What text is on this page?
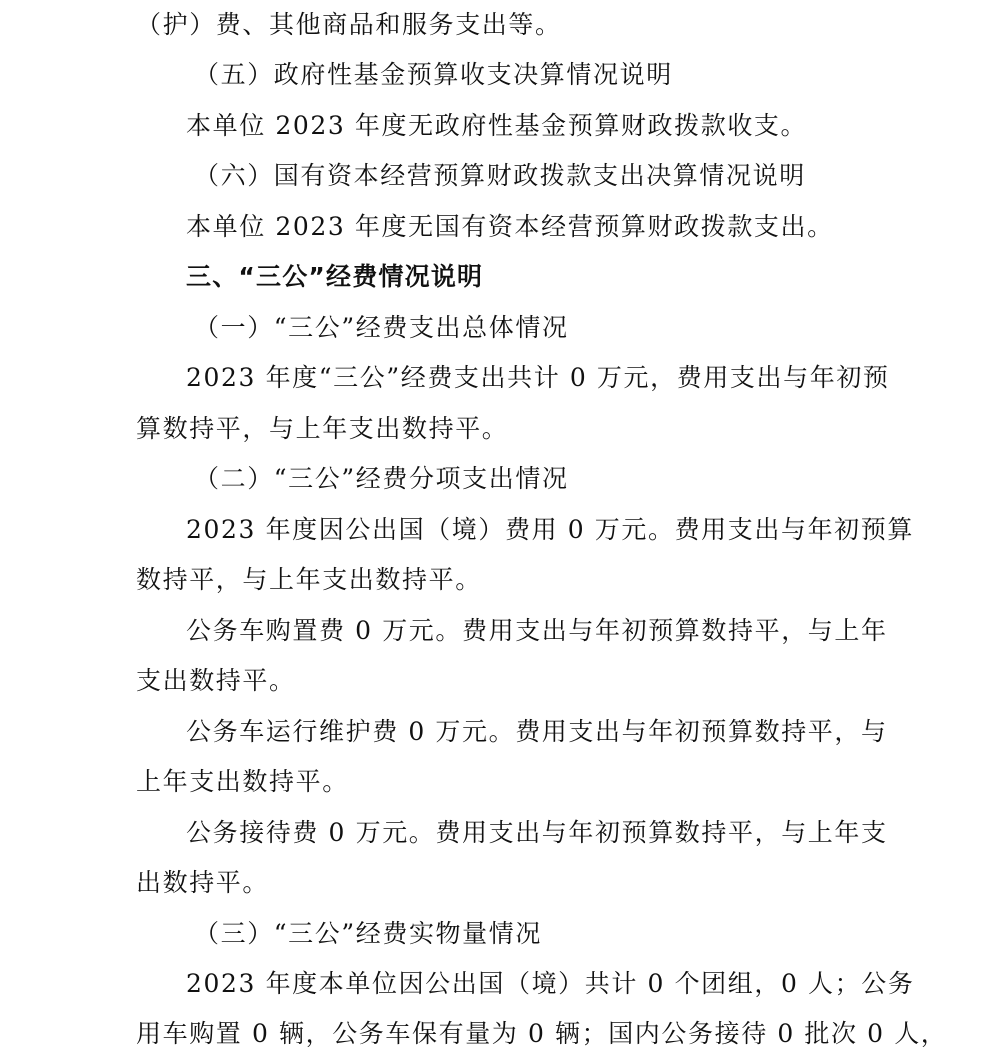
（护）费、其他商品和服务支出等。
（五）政府性基金预算收支决算情况说明
本单位 2023 年度无政府性基金预算财政拨款收支。
（六）国有资本经营预算财政拨款支出决算情况说明
本单位 2023 年度无国有资本经营预算财政拨款支出。
三、“三公”经费情况说明
（一）“三公”经费支出总体情况
2023 年度“三公”经费支出共计 0 万元，费用支出与年初预
算数持平，与上年支出数持平。
（二）“三公”经费分项支出情况
2023 年度因公出国（境）费用 0 万元。费用支出与年初预算
数持平，与上年支出数持平。
公务车购置费 0 万元。费用支出与年初预算数持平，与上年
支出数持平。
公务车运行维护费 0 万元。费用支出与年初预算数持平，与
上年支出数持平。
公务接待费 0 万元。费用支出与年初预算数持平，与上年支
出数持平。
（三）“三公”经费实物量情况
2023 年度本单位因公出国（境）共计 0 个团组，0 人；公务
用车购置 0 辆，公务车保有量为 0 辆；国内公务接待 0 批次 0 人，
